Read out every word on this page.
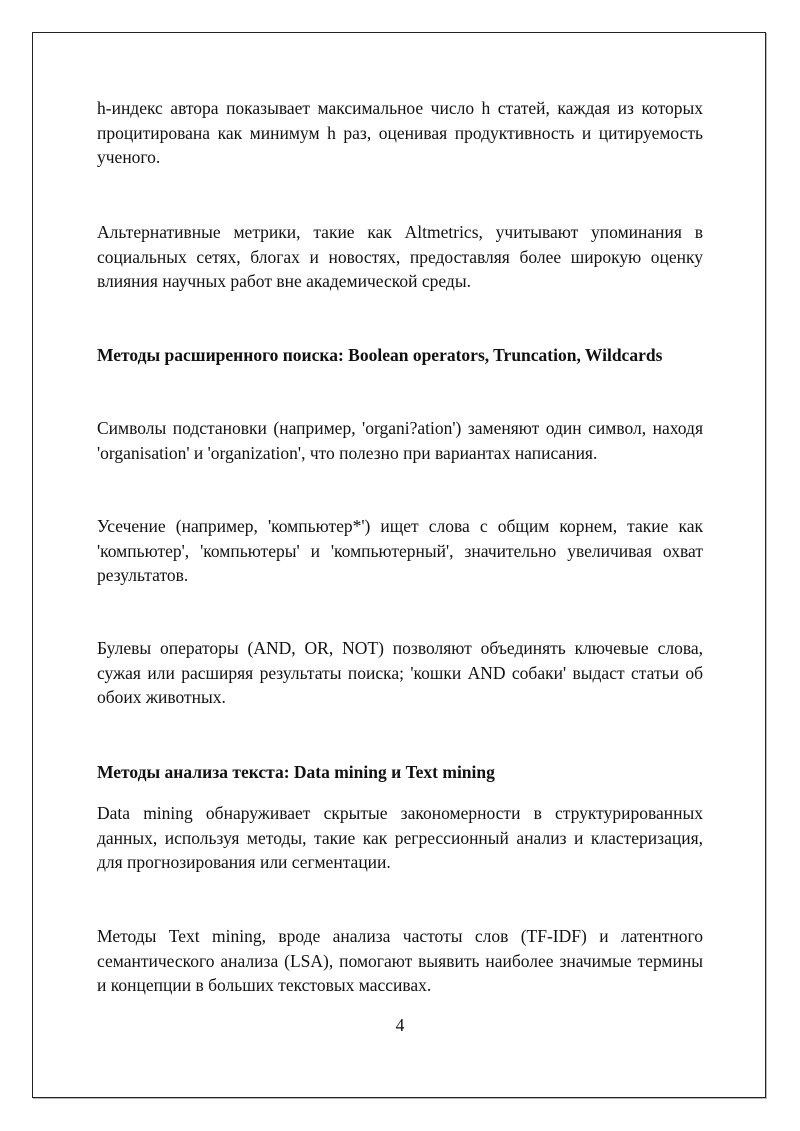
h-индекс автора показывает максимальное число h статей, каждая из которых процитирована как минимум h раз, оценивая продуктивность и цитируемость ученого.

Альтернативные метрики, такие как Altmetrics, учитывают упоминания в социальных сетях, блогах и новостях, предоставляя более широкую оценку влияния научных работ вне академической среды.

Методы расширенного поиска: Boolean operators, Truncation, Wildcards

Символы подстановки (например, 'organi?ation') заменяют один символ, находя 'organisation' и 'organization', что полезно при вариантах написания.

Усечение (например, 'компьютер*') ищет слова с общим корнем, такие как 'компьютер', 'компьютеры' и 'компьютерный', значительно увеличивая охват результатов.

Булевы операторы (AND, OR, NOT) позволяют объединять ключевые слова, сужая или расширяя результаты поиска; 'кошки AND собаки' выдаст статьи об обоих животных.

Методы анализа текста: Data mining и Text mining

Data mining обнаруживает скрытые закономерности в структурированных данных, используя методы, такие как регрессионный анализ и кластеризация, для прогнозирования или сегментации.

Методы Text mining, вроде анализа частоты слов (TF-IDF) и латентного семантического анализа (LSA), помогают выявить наиболее значимые термины и концепции в больших текстовых массивах.

4
